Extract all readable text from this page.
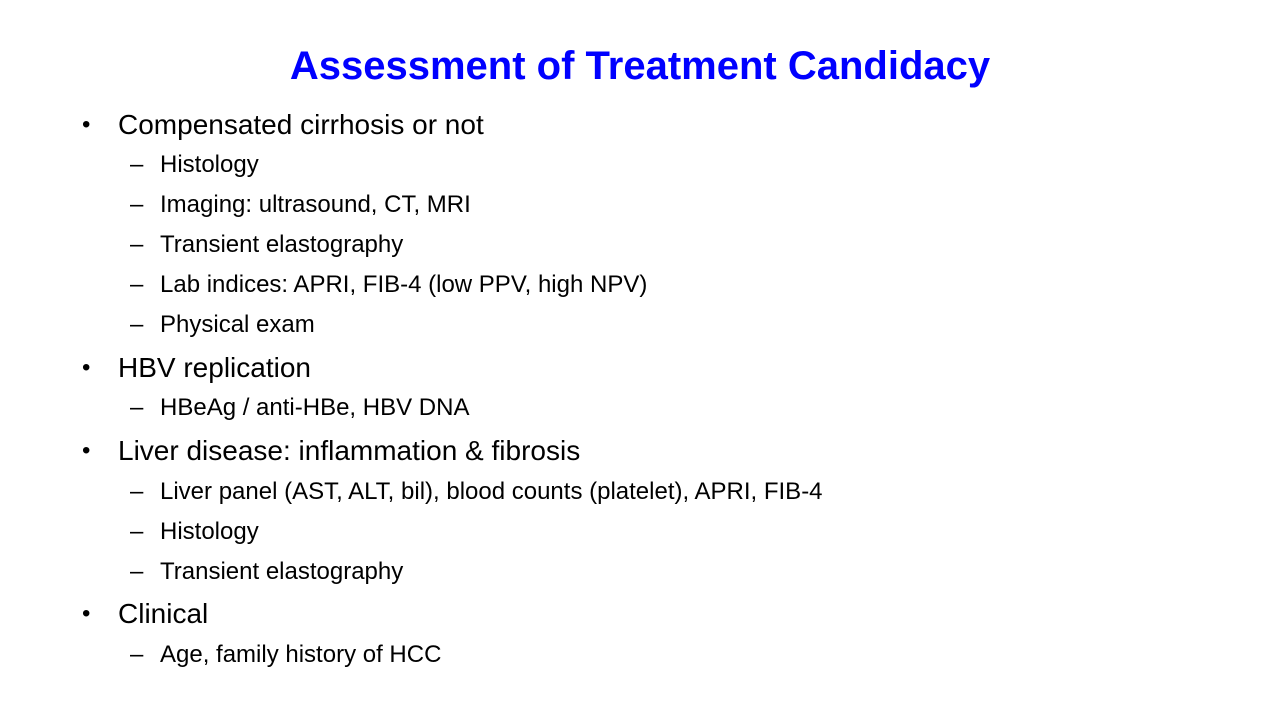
Assessment of Treatment Candidacy
• Compensated cirrhosis or not
– Histology
– Imaging: ultrasound, CT, MRI
– Transient elastography
– Lab indices: APRI, FIB-4 (low PPV, high NPV)
– Physical exam
• HBV replication
– HBeAg / anti-HBe, HBV DNA
• Liver disease: inflammation & fibrosis
– Liver panel (AST, ALT, bil), blood counts (platelet), APRI, FIB-4
– Histology
– Transient elastography
• Clinical
– Age, family history of HCC
